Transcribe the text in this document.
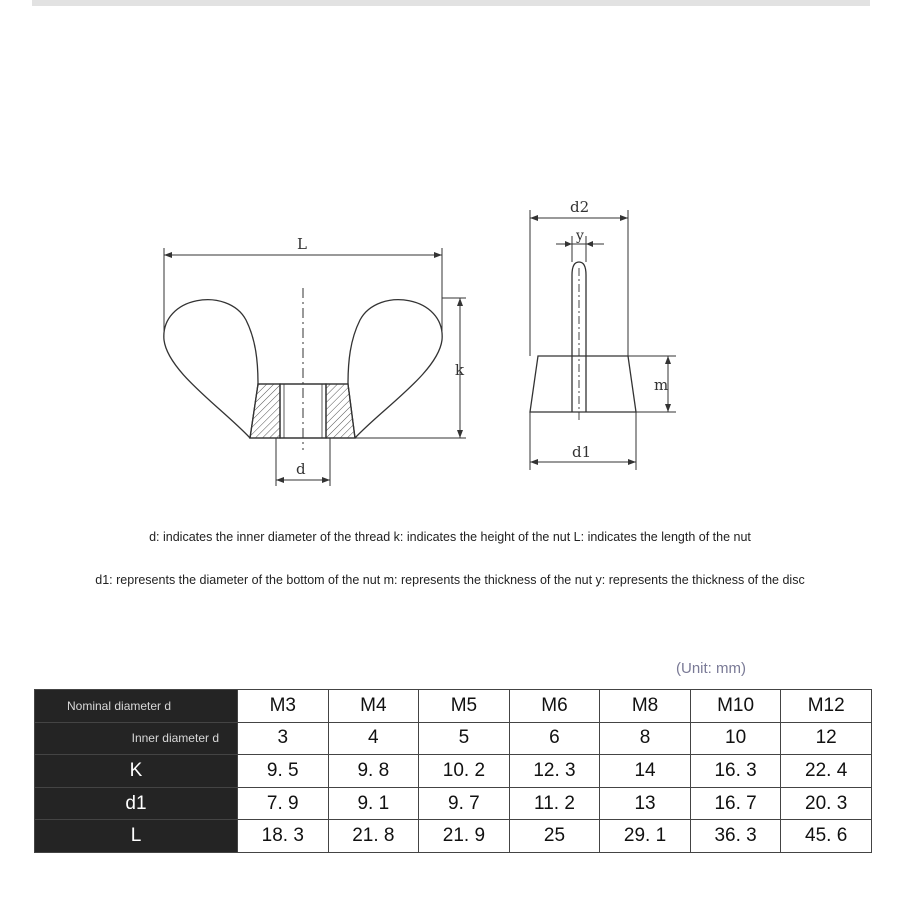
L
k
d
d2
y
m
d1
d: indicates the inner diameter of the thread k: indicates the height of the nut L: indicates the length of the nut
d1: represents the diameter of the bottom of the nut m: represents the thickness of the nut y: represents the thickness of the disc
(Unit: mm)
Nominal diameter d	M3	M4	M5	M6	M8	M10	M12
Inner diameter d	3	4	5	6	8	10	12
K	9. 5	9. 8	10. 2	12. 3	14	16. 3	22. 4
d1	7. 9	9. 1	9. 7	11. 2	13	16. 7	20. 3
L	18. 3	21. 8	21. 9	25	29. 1	36. 3	45. 6
